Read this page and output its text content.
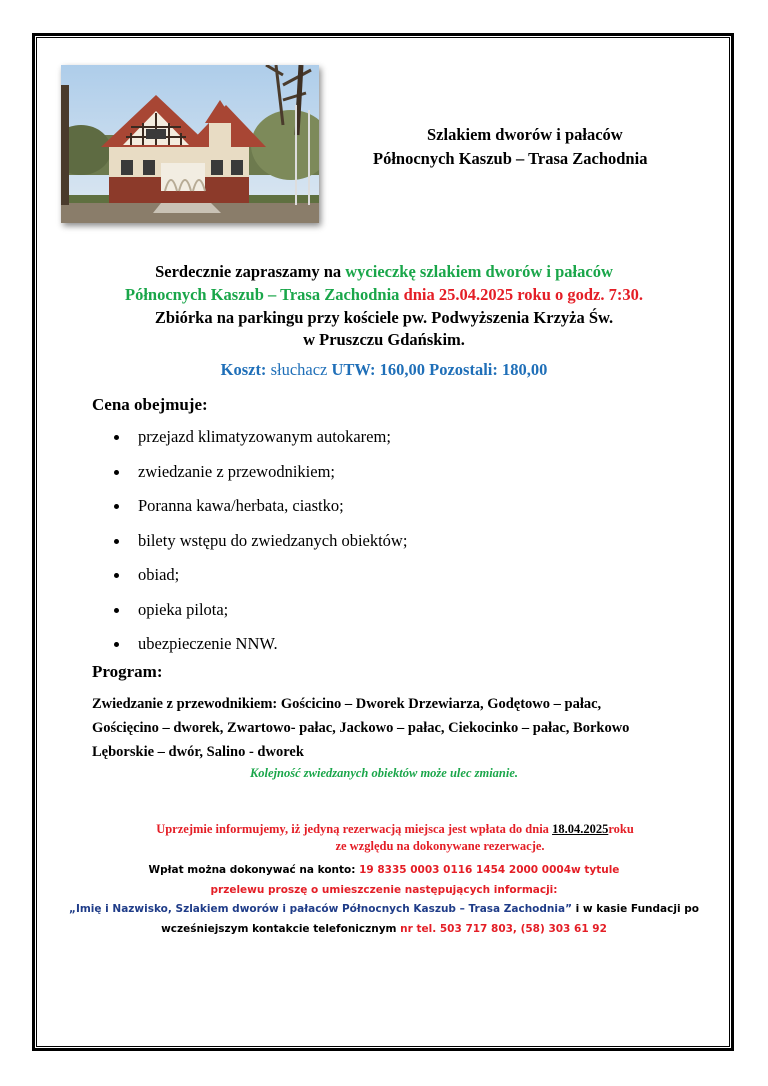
Szlakiem dworów i pałaców
Północnych Kaszub – Trasa Zachodnia
Serdecznie zapraszamy na wycieczkę szlakiem dworów i pałaców
Północnych Kaszub – Trasa Zachodnia dnia 25.04.2025 roku o godz. 7:30.
Zbiórka na parkingu przy kościele pw. Podwyższenia Krzyża Św.
w Pruszczu Gdańskim.
Koszt: słuchacz UTW: 160,00 Pozostali: 180,00
Cena obejmuje:
przejazd klimatyzowanym autokarem;
zwiedzanie z przewodnikiem;
Poranna kawa/herbata, ciastko;
bilety wstępu do zwiedzanych obiektów;
obiad;
opieka pilota;
ubezpieczenie NNW.
Program:
Zwiedzanie z przewodnikiem: Gościcino – Dworek Drzewiarza, Godętowo – pałac, Gościęcino – dworek, Zwartowo- pałac, Jackowo – pałac, Ciekocinko – pałac, Borkowo Lęborskie – dwór, Salino - dworek
Kolejność zwiedzanych obiektów może ulec zmianie.
Uprzejmie informujemy, iż jedyną rezerwacją miejsca jest wpłata do dnia 18.04.2025roku
ze względu na dokonywane rezerwacje.
Wpłat można dokonywać na konto: 19 8335 0003 0116 1454 2000 0004w tytule
przelewu proszę o umieszczenie następujących informacji:
„Imię i Nazwisko, Szlakiem dworów i pałaców Północnych Kaszub – Trasa Zachodnia” i w kasie Fundacji po
wcześniejszym kontakcie telefonicznym nr tel. 503 717 803, (58) 303 61 92
